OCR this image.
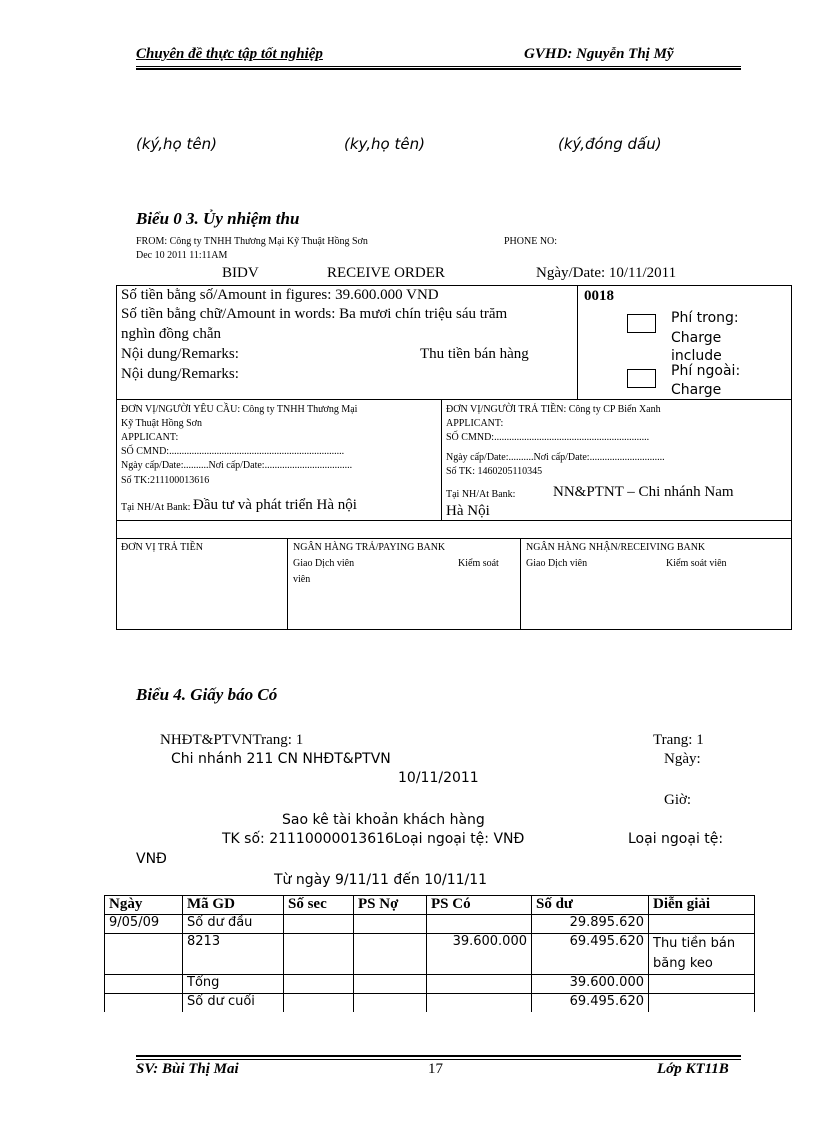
Chuyên đề thực tập tốt nghiệp	GVHD: Nguyễn Thị Mỹ
(ký,họ tên)	(ky,họ tên)	(ký,đóng dấu)
Biểu 0 3. Ủy nhiệm thu
FROM: Công ty TNHH Thương Mại Kỹ Thuật Hồng Sơn	PHONE NO:
Dec 10 2011 11:11AM
BIDV	RECEIVE ORDER	Ngày/Date: 10/11/2011
Số tiền bằng số/Amount in figures: 39.600.000 VND
Số tiền bằng chữ/Amount in words: Ba mươi chín triệu sáu trăm
nghìn đồng chẵn
Nội dung/Remarks:	Thu tiền bán hàng
Nội dung/Remarks:
0018
Phí trong:
Charge
include
Phí ngoài:
Charge
ĐƠN VỊ/NGƯỜI YÊU CẦU: Công ty TNHH Thương Mại
Kỹ Thuật Hồng Sơn
APPLICANT:
SỐ CMND:......................................................................
Ngày cấp/Date:..........Nơi cấp/Date:...................................
Số TK:211100013616
Tại NH/At Bank: Đầu tư và phát triển Hà nội
ĐƠN VỊ/NGƯỜI TRẢ TIỀN: Công ty CP Biển Xanh
APPLICANT:
SỐ CMND:..............................................................
Ngày cấp/Date:..........Nơi cấp/Date:..............................
Số TK: 1460205110345
Tại NH/At Bank:	NN&PTNT – Chi nhánh Nam
Hà Nội
ĐƠN VỊ TRẢ TIỀN	NGÂN HÀNG TRẢ/PAYING BANK
Giao Dịch viên	Kiểm soát
viên
NGÂN HÀNG NHẬN/RECEIVING BANK
Giao Dịch viên	Kiểm soát viên
Biểu 4. Giấy báo Có
NHĐT&PTVNTrang: 1	Trang: 1
Chi nhánh 211 CN NHĐT&PTVN	Ngày:
10/11/2011
Giờ:
Sao kê tài khoản khách hàng
TK số: 21110000013616Loại ngoại tệ: VNĐ	Loại ngoại tệ:
VNĐ
Từ ngày 9/11/11 đến 10/11/11
Ngày	Mã GD	Số sec	PS Nợ	PS Có	Số dư	Diễn giải
9/05/09	Số dư đầu				29.895.620	
	8213			39.600.000	69.495.620	Thu tiền bán băng keo
	Tổng				39.600.000	
	Số dư cuối				69.495.620	
SV: Bùi Thị Mai	17	Lớp KT11B
